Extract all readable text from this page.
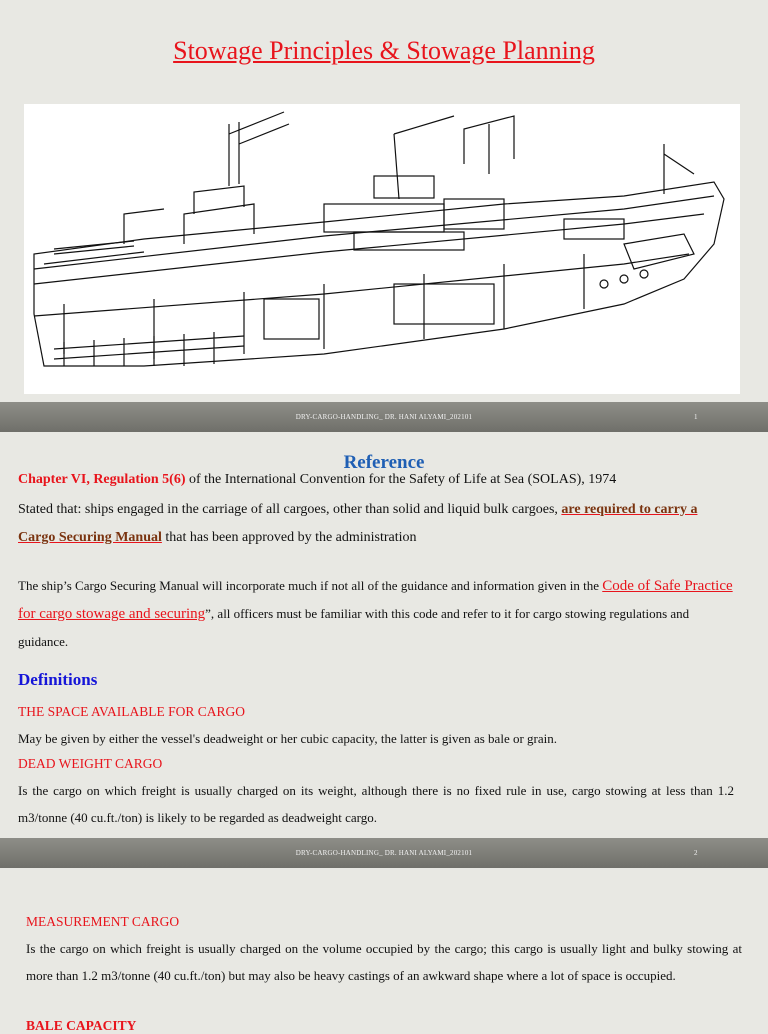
Stowage Principles & Stowage Planning
DRY-CARGO-HANDLING_ DR. HANI ALYAMI_202101	1
Reference
Chapter VI, Regulation 5(6) of the International Convention for the Safety of Life at Sea (SOLAS), 1974
Stated that: ships engaged in the carriage of all cargoes, other than solid and liquid bulk cargoes, are required to carry a Cargo Securing Manual that has been approved by the administration
The ship’s Cargo Securing Manual will incorporate much if not all of the guidance and information given in the Code of Safe Practice for cargo stowage and securing”, all officers must be familiar with this code and refer to it for cargo stowing regulations and guidance.
Definitions
THE SPACE AVAILABLE FOR CARGO
May be given by either the vessel's deadweight or her cubic capacity, the latter is given as bale or grain.
DEAD WEIGHT CARGO
Is the cargo on which freight is usually charged on its weight, although there is no fixed rule in use, cargo stowing at less than 1.2 m3/tonne (40 cu.ft./ton) is likely to be regarded as deadweight cargo.
DRY-CARGO-HANDLING_ DR. HANI ALYAMI_202101	2
MEASUREMENT CARGO
Is the cargo on which freight is usually charged on the volume occupied by the cargo; this cargo is usually light and bulky stowing at more than 1.2 m3/tonne (40 cu.ft./ton) but may also be heavy castings of an awkward shape where a lot of space is occupied.
BALE CAPACITY
